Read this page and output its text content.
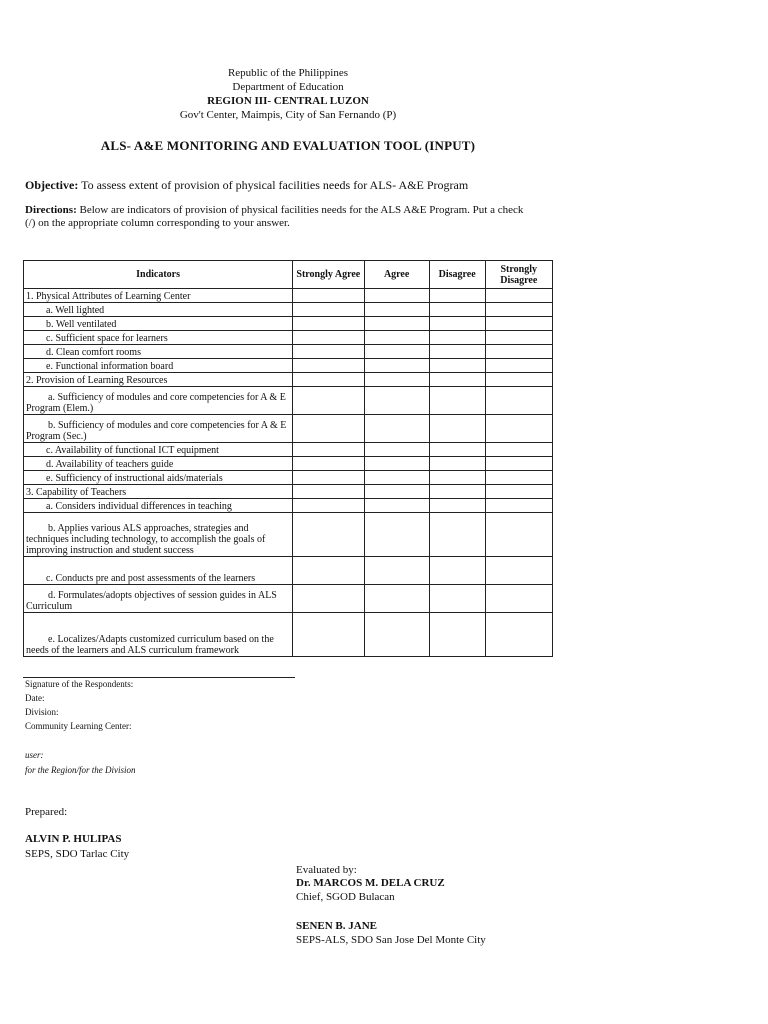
Republic of the Philippines
Department of Education
REGION III- CENTRAL LUZON
Gov't Center, Maimpis, City of San Fernando (P)
ALS- A&E MONITORING AND EVALUATION TOOL (INPUT)
Objective: To assess extent of provision of physical facilities needs for ALS- A&E Program
Directions: Below are indicators of provision of physical facilities needs for the ALS A&E Program. Put a check (/) on the appropriate column corresponding to your answer.
Indicators	Strongly Agree	Agree	Disagree	Strongly Disagree
1. Physical Attributes of Learning Center				
a. Well lighted				
b. Well ventilated				
c. Sufficient space for learners				
d. Clean comfort rooms				
e. Functional information board				
2. Provision of Learning Resources				
a. Sufficiency of modules and core competencies for A & E Program (Elem.)				
b. Sufficiency of modules and core competencies for A & E Program (Sec.)				
c. Availability of functional ICT equipment				
d. Availability of teachers guide				
e. Sufficiency of instructional aids/materials				
3. Capability of Teachers				
a. Considers individual differences in teaching				
b. Applies various ALS approaches, strategies and techniques including technology, to accomplish the goals of improving instruction and student success				
c. Conducts pre and post assessments of the learners				
d. Formulates/adopts objectives of session guides in ALS Curriculum				
e. Localizes/Adapts customized curriculum based on the needs of the learners and ALS curriculum framework				
Signature of the Respondents:
Date:
Division:
Community Learning Center:
user:
for the Region/for the Division
Prepared:
ALVIN P. HULIPAS
SEPS, SDO Tarlac City
Evaluated by:
Dr. MARCOS M. DELA CRUZ
Chief, SGOD Bulacan
SENEN B. JANE
SEPS-ALS, SDO San Jose Del Monte City
